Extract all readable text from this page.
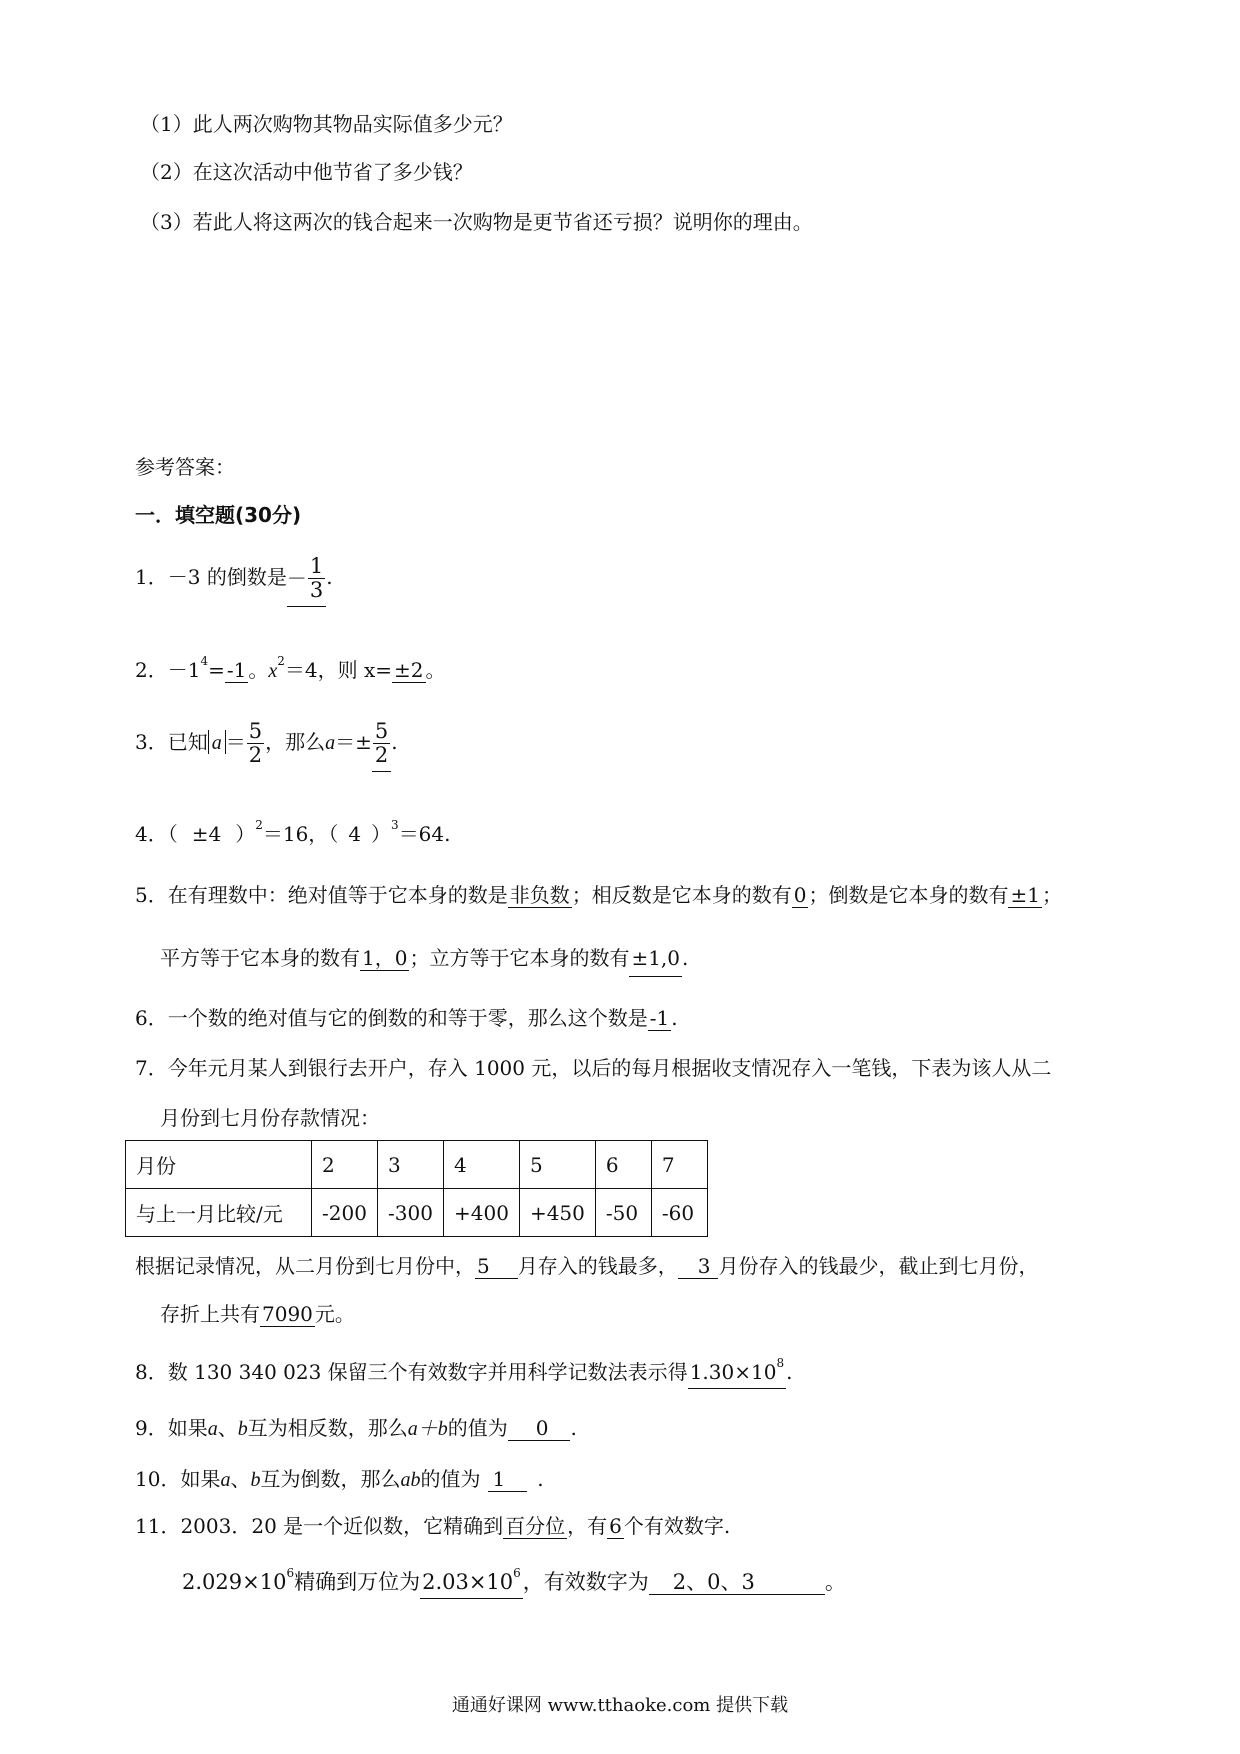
（1）此人两次购物其物品实际值多少元？
（2）在这次活动中他节省了多少钱？
（3）若此人将这两次的钱合起来一次购物是更节省还亏损？说明你的理由。
参考答案：
一．填空题(30分)
1．－3 的倒数是－ $\frac{1}{3}$ .
2．$-1^4= -1$ 。$x^2=4$，则 x= ±2 。
3．已知 $a = \frac{5}{2}$ ，那么$a=\pm \frac{5}{2}$ .
4．（ ±4 ）$^2$＝16，（ 4 ）$^3$＝64.
5．在有理数中：绝对值等于它本身的数是 非负数 ；相反数是它本身的数有 0 ；倒数是它本身的数有 ±1 ；
平方等于它本身的数有 1，0 ；立方等于它本身的数有 ±1,0 .
6．一个数的绝对值与它的倒数的和等于零，那么这个数是 -1 .
7．今年元月某人到银行去开户，存入 1000 元，以后的每月根据收支情况存入一笔钱，下表为该人从二
月份到七月份存款情况：
月份	2	3	4	5	6	7
与上一月比较/元	-200	-300	+400	+450	-50	-60
根据记录情况，从二月份到七月份中， 5 月存入的钱最多， 3 月份存入的钱最少，截止到七月份，
存折上共有 7090 元。
8．数 130 340 023 保留三个有效数字并用科学记数法表示得 $1.30\times 10^8$ .
9．如果a、b互为相反数，那么a＋b的值为 0 .
10．如果a、b互为倒数，那么ab的值为 1 .
11．2003．20 是一个近似数，它精确到 百分位 ，有 6 个有效数字.
$2.029\times 10^6$精确到万位为$2.03\times 10^6$，有效数字为 2、0、3	。
通通好课网 www.tthaoke.com 提供下载
